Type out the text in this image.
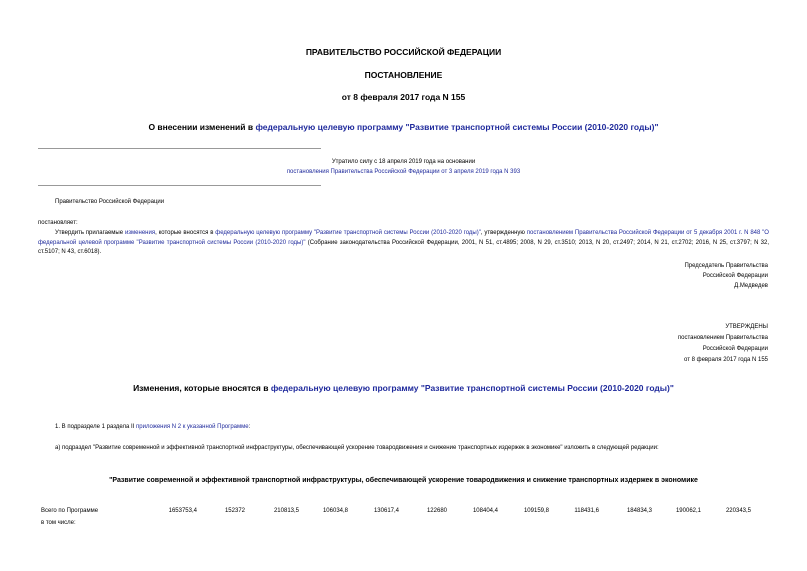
ПРАВИТЕЛЬСТВО РОССИЙСКОЙ ФЕДЕРАЦИИ
ПОСТАНОВЛЕНИЕ
от 8 февраля 2017 года N 155
О внесении изменений в федеральную целевую программу "Развитие транспортной системы России (2010-2020 годы)"
Утратило силу с 18 апреля 2019 года на основании
постановления Правительства Российской Федерации от 3 апреля 2019 года N 393
Правительство Российской Федерации
постановляет:
Утвердить прилагаемые изменения, которые вносятся в федеральную целевую программу "Развитие транспортной системы России (2010-2020 годы)", утвержденную постановлением Правительства Российской Федерации от 5 декабря 2001 г. N 848 "О федеральной целевой программе "Развитие транспортной системы России (2010-2020 годы)" (Собрание законодательства Российской Федерации, 2001, N 51, ст.4895; 2008, N 29, ст.3510; 2013, N 20, ст.2497; 2014, N 21, ст.2702; 2016, N 25, ст.3797; N 32, ст.5107; N 43, ст.6018).
Председатель Правительства
Российской Федерации
Д.Медведев
УТВЕРЖДЕНЫ
постановлением Правительства
Российской Федерации
от 8 февраля 2017 года N 155
Изменения, которые вносятся в федеральную целевую программу "Развитие транспортной системы России (2010-2020 годы)"
1. В подразделе 1 раздела II приложения N 2 к указанной Программе:
а) подраздел "Развитие современной и эффективной транспортной инфраструктуры, обеспечивающей ускорение товародвижения и снижение транспортных издержек в экономике" изложить в следующей редакции:
"Развитие современной и эффективной транспортной инфраструктуры, обеспечивающей ускорение товародвижения и снижение транспортных издержек в экономике
Всего по Программе	1653753,4	152372	210813,5	106034,8	130617,4	122680	108404,4	109159,8	118431,6	184834,3	190062,1	220343,5
в том числе:
